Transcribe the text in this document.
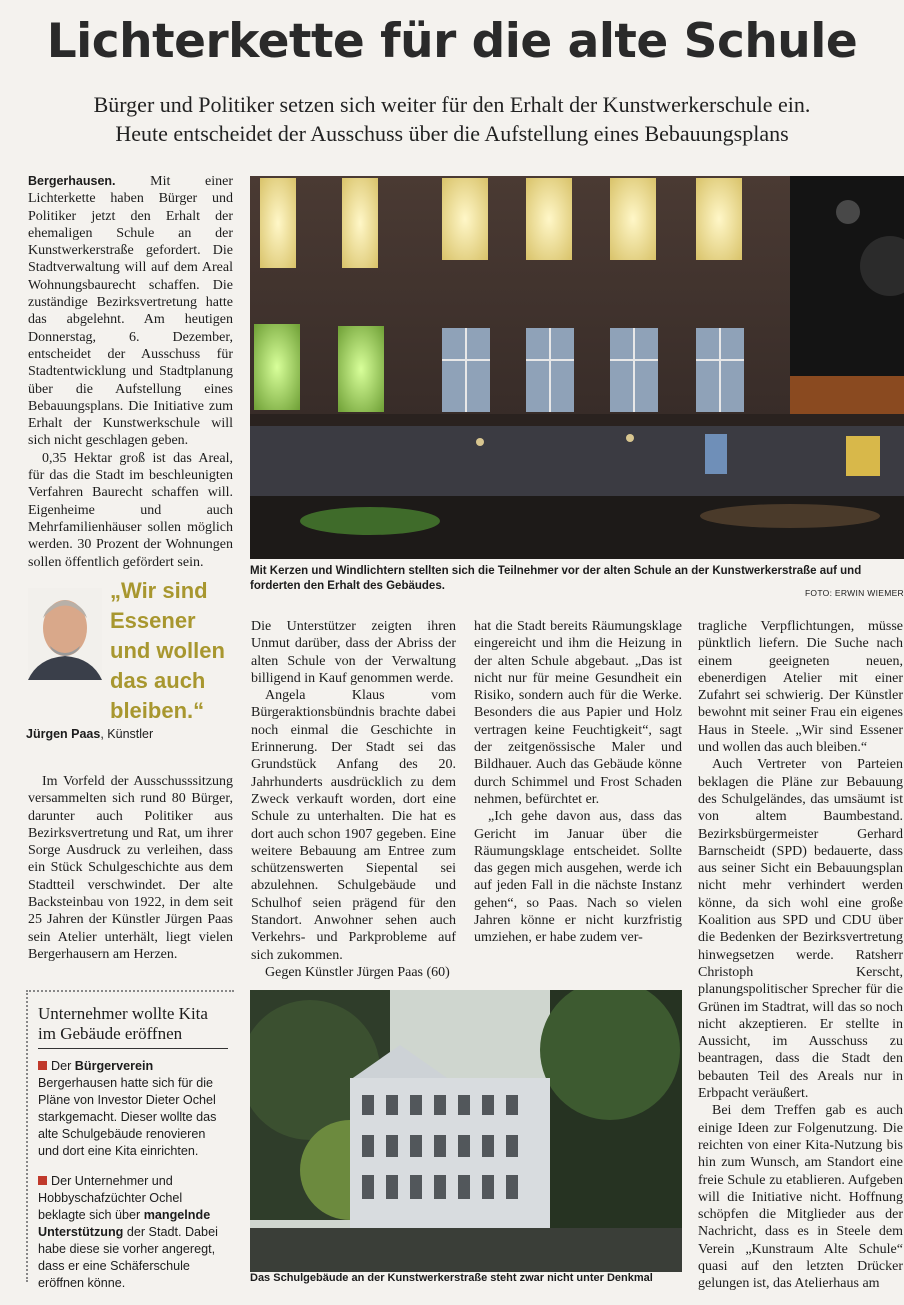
Lichterkette für die alte Schule
Bürger und Politiker setzen sich weiter für den Erhalt der Kunstwerkerschule ein.
Heute entscheidet der Ausschuss über die Aufstellung eines Bebauungsplans

Bergerhausen. Mit einer Lichterkette haben Bürger und Politiker jetzt den Erhalt der ehemaligen Schule an der Kunstwerkerstraße gefordert. Die Stadtverwaltung will auf dem Areal Wohnungsbaurecht schaffen. Die zuständige Bezirksvertretung hatte das abgelehnt. Am heutigen Donnerstag, 6. Dezember, entscheidet der Ausschuss für Stadtentwicklung und Stadtplanung über die Aufstellung eines Bebauungsplans. Die Initiative zum Erhalt der Kunstwerkschule will sich nicht geschlagen geben.

0,35 Hektar groß ist das Areal, für das die Stadt im beschleunigten Verfahren Baurecht schaffen will. Eigenheime und auch Mehrfamilienhäuser sollen möglich werden. 30 Prozent der Wohnungen sollen öffentlich gefördert sein.

Mit Kerzen und Windlichtern stellten sich die Teilnehmer vor der alten Schule an der Kunstwerkerstraße auf und forderten den Erhalt des Gebäudes.
FOTO: ERWIN WIEMER
„Wir sind Essener und wollen das auch bleiben.“
Jürgen Paas, Künstler

Im Vorfeld der Ausschusssitzung versammelten sich rund 80 Bürger, darunter auch Politiker aus Bezirksvertretung und Rat, um ihrer Sorge Ausdruck zu verleihen, dass ein Stück Schulgeschichte aus dem Stadtteil verschwindet. Der alte Backsteinbau von 1922, in dem seit 25 Jahren der Künstler Jürgen Paas sein Atelier unterhält, liegt vielen Bergerhausern am Herzen.

Unternehmer wollte Kita im Gebäude eröffnen

Der Bürgerverein Bergerhausen hatte sich für die Pläne von Investor Dieter Ochel starkgemacht. Dieser wollte das alte Schulgebäude renovieren und dort eine Kita einrichten.

Der Unternehmer und Hobbyschafzüchter Ochel beklagte sich über mangelnde Unterstützung der Stadt. Dabei habe diese sie vorher angeregt, dass er eine Schäferschule eröffnen könne.

Die Unterstützer zeigten ihren Unmut darüber, dass der Abriss der alten Schule von der Verwaltung billigend in Kauf genommen werde.

Angela Klaus vom Bürgeraktionsbündnis brachte dabei noch einmal die Geschichte in Erinnerung. Der Stadt sei das Grundstück Anfang des 20. Jahrhunderts ausdrücklich zu dem Zweck verkauft worden, dort eine Schule zu unterhalten. Die hat es dort auch schon 1907 gegeben. Eine weitere Bebauung am Entree zum schützenswerten Siepental sei abzulehnen. Schulgebäude und Schulhof seien prägend für den Standort. Anwohner sehen auch Verkehrs- und Parkprobleme auf sich zukommen.

Gegen Künstler Jürgen Paas (60)

hat die Stadt bereits Räumungsklage eingereicht und ihm die Heizung in der alten Schule abgebaut. „Das ist nicht nur für meine Gesundheit ein Risiko, sondern auch für die Werke. Besonders die aus Papier und Holz vertragen keine Feuchtigkeit“, sagt der zeitgenössische Maler und Bildhauer. Auch das Gebäude könne durch Schimmel und Frost Schaden nehmen, befürchtet er.

„Ich gehe davon aus, dass das Gericht im Januar über die Räumungsklage entscheidet. Sollte das gegen mich ausgehen, werde ich auf jeden Fall in die nächste Instanz gehen“, so Paas. Nach so vielen Jahren könne er nicht kurzfristig umziehen, er habe zudem ver-

Das Schulgebäude an der Kunstwerkerstraße steht zwar nicht unter Denkmal

tragliche Verpflichtungen, müsse pünktlich liefern. Die Suche nach einem geeigneten neuen, ebenerdigen Atelier mit einer Zufahrt sei schwierig. Der Künstler bewohnt mit seiner Frau ein eigenes Haus in Steele. „Wir sind Essener und wollen das auch bleiben.“

Auch Vertreter von Parteien beklagen die Pläne zur Bebauung des Schulgeländes, das umsäumt ist von altem Baumbestand. Bezirksbürgermeister Gerhard Barnscheidt (SPD) bedauerte, dass aus seiner Sicht ein Bebauungsplan nicht mehr verhindert werden könne, da sich wohl eine große Koalition aus SPD und CDU über die Bedenken der Bezirksvertretung hinwegsetzen werde. Ratsherr Christoph Kerscht, planungspolitischer Sprecher für die Grünen im Stadtrat, will das so noch nicht akzeptieren. Er stellte in Aussicht, im Ausschuss zu beantragen, dass die Stadt den bebauten Teil des Areals nur in Erbpacht veräußert.

Bei dem Treffen gab es auch einige Ideen zur Folgenutzung. Die reichten von einer Kita-Nutzung bis hin zum Wunsch, am Standort eine freie Schule zu etablieren. Aufgeben will die Initiative nicht. Hoffnung schöpfen die Mitglieder aus der Nachricht, dass es in Steele dem Verein „Kunstraum Alte Schule“ quasi auf den letzten Drücker gelungen ist, das Atelierhaus am
